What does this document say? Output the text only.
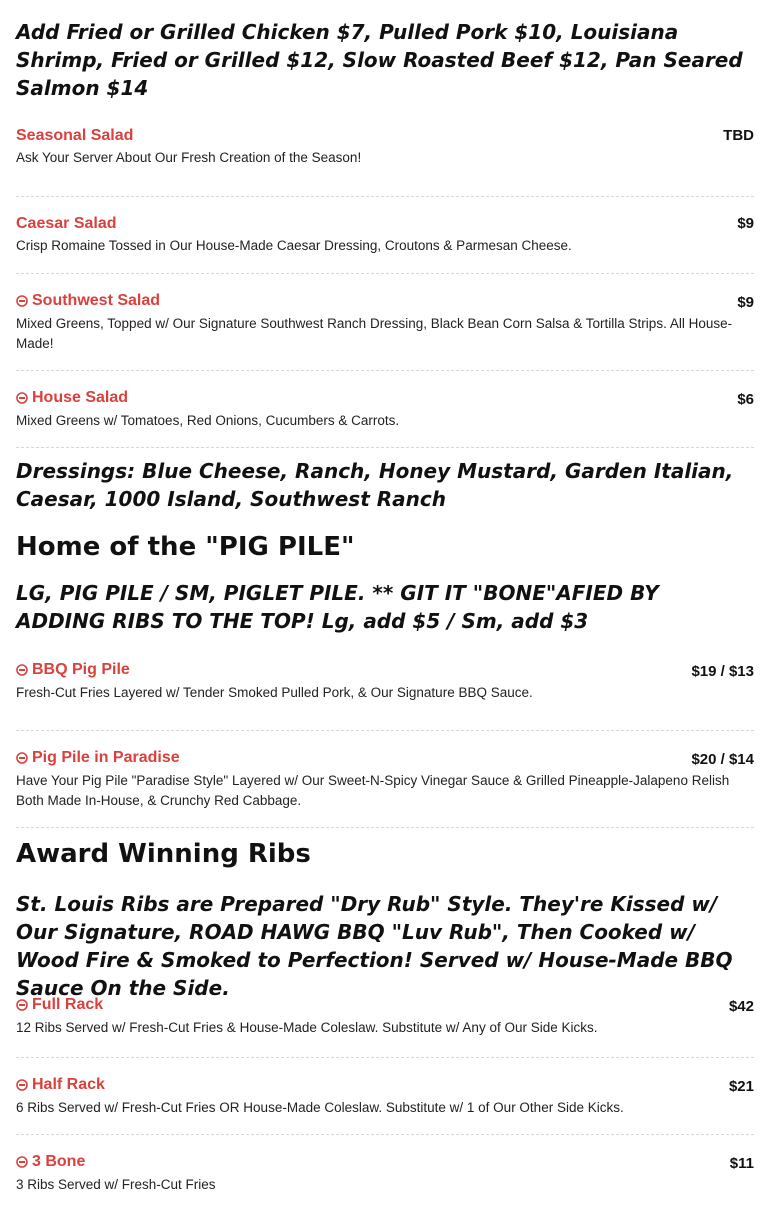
Add Fried or Grilled Chicken $7, Pulled Pork $10, Louisiana Shrimp, Fried or Grilled $12, Slow Roasted Beef $12, Pan Seared Salmon $14

Seasonal Salad	TBD

Ask Your Server About Our Fresh Creation of the Season!

Caesar Salad	$9

Crisp Romaine Tossed in Our House-Made Caesar Dressing, Croutons & Parmesan Cheese.

Southwest Salad	$9

Mixed Greens, Topped w/ Our Signature Southwest Ranch Dressing, Black Bean Corn Salsa & Tortilla Strips. All House-Made!

House Salad	$6

Mixed Greens w/ Tomatoes, Red Onions, Cucumbers & Carrots.

Dressings: Blue Cheese, Ranch, Honey Mustard, Garden Italian, Caesar, 1000 Island, Southwest Ranch

Home of the "PIG PILE"

LG, PIG PILE / SM, PIGLET PILE. ** GIT IT "BONE"AFIED BY ADDING RIBS TO THE TOP! Lg, add $5 / Sm, add $3

BBQ Pig Pile	$19 / $13

Fresh-Cut Fries Layered w/ Tender Smoked Pulled Pork, & Our Signature BBQ Sauce.

Pig Pile in Paradise	$20 / $14

Have Your Pig Pile "Paradise Style" Layered w/ Our Sweet-N-Spicy Vinegar Sauce & Grilled Pineapple-Jalapeno Relish Both Made In-House, & Crunchy Red Cabbage.

Award Winning Ribs

St. Louis Ribs are Prepared "Dry Rub" Style. They're Kissed w/ Our Signature, ROAD HAWG BBQ "Luv Rub", Then Cooked w/ Wood Fire & Smoked to Perfection! Served w/ House-Made BBQ Sauce On the Side.

Full Rack	$42

12 Ribs Served w/ Fresh-Cut Fries & House-Made Coleslaw. Substitute w/ Any of Our Side Kicks.

Half Rack	$21

6 Ribs Served w/ Fresh-Cut Fries OR House-Made Coleslaw. Substitute w/ 1 of Our Other Side Kicks.

3 Bone	$11

3 Ribs Served w/ Fresh-Cut Fries
